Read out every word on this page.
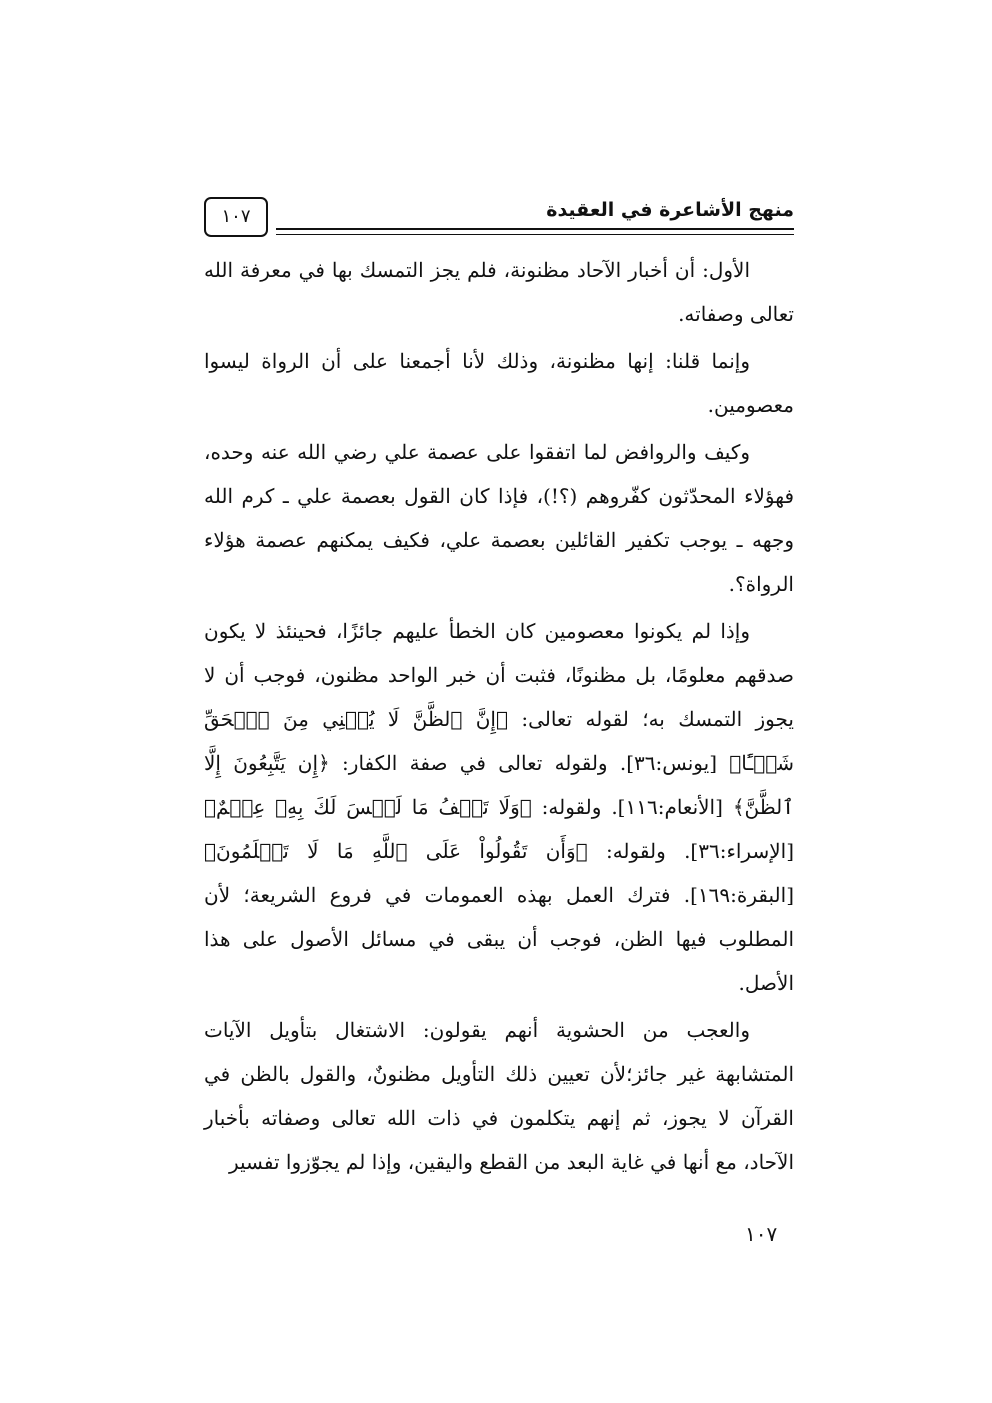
١٠٧	منهج الأشاعرة في العقيدة

الأول: أن أخبار الآحاد مظنونة، فلم يجز التمسك بها في معرفة الله تعالى وصفاته.

وإنما قلنا: إنها مظنونة، وذلك لأنا أجمعنا على أن الرواة ليسوا معصومين.

وكيف والروافض لما اتفقوا على عصمة علي رضي الله عنه وحده، فهؤلاء المحدّثون كفّروهم (؟!)، فإذا كان القول بعصمة علي ـ كرم الله وجهه ـ يوجب تكفير القائلين بعصمة علي، فكيف يمكنهم عصمة هؤلاء الرواة؟.

وإذا لم يكونوا معصومين كان الخطأ عليهم جائزًا، فحينئذ لا يكون صدقهم معلومًا، بل مظنونًا، فثبت أن خبر الواحد مظنون، فوجب أن لا يجوز التمسك به؛ لقوله تعالى: ﴿إِنَّ ٱلظَّنَّ لَا يُغۡنِي مِنَ ٱلۡحَقِّ شَيۡـًٔا﴾ [يونس:٣٦]. ولقوله تعالى في صفة الكفار: ﴿إِن يَتَّبِعُونَ إِلَّا ٱلظَّنَّ﴾ [الأنعام:١١٦]. ولقوله: ﴿وَلَا تَقۡفُ مَا لَيۡسَ لَكَ بِهِۦ عِلۡمٌ﴾ [الإسراء:٣٦]. ولقوله: ﴿وَأَن تَقُولُواْ عَلَى ٱللَّهِ مَا لَا تَعۡلَمُونَ﴾ [البقرة:١٦٩]. فترك العمل بهذه العمومات في فروع الشريعة؛ لأن المطلوب فيها الظن، فوجب أن يبقى في مسائل الأصول على هذا الأصل.

والعجب من الحشوية أنهم يقولون: الاشتغال بتأويل الآيات المتشابهة غير جائز؛لأن تعيين ذلك التأويل مظنونٌ، والقول بالظن في القرآن لا يجوز، ثم إنهم يتكلمون في ذات الله تعالى وصفاته بأخبار الآحاد، مع أنها في غاية البعد من القطع واليقين، وإذا لم يجوّزوا تفسير

١٠٧
